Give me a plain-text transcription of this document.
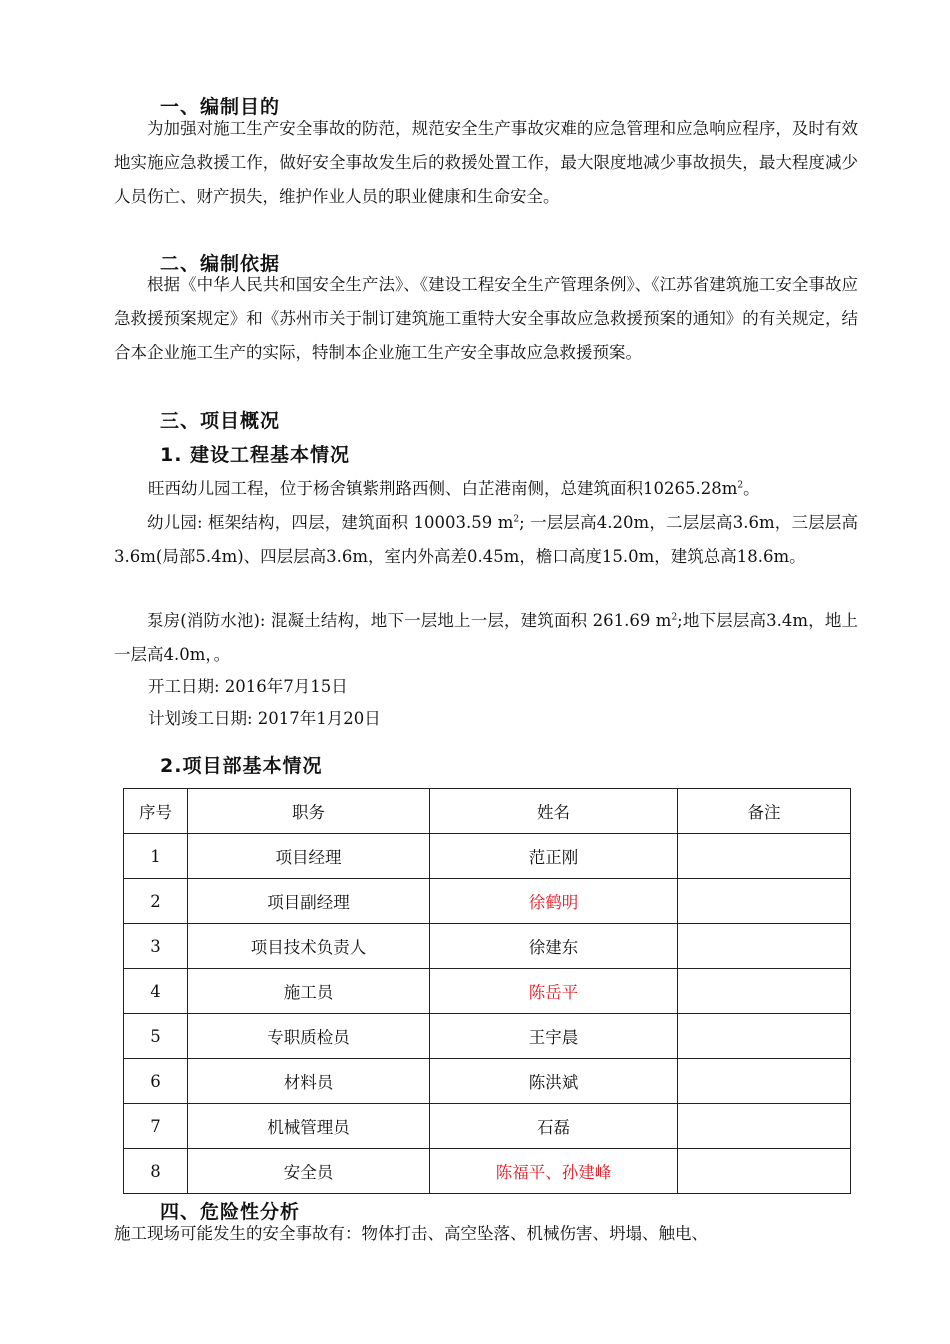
一、编制目的

为加强对施工生产安全事故的防范，规范安全生产事故灾难的应急管理和应急响应程序，及时有效地实施应急救援工作，做好安全事故发生后的救援处置工作，最大限度地减少事故损失，最大程度减少人员伤亡、财产损失，维护作业人员的职业健康和生命安全。

二、编制依据

根据《中华人民共和国安全生产法》、《建设工程安全生产管理条例》、《江苏省建筑施工安全事故应急救援预案规定》和《苏州市关于制订建筑施工重特大安全事故应急救援预案的通知》的有关规定，结合本企业施工生产的实际，特制本企业施工生产安全事故应急救援预案。

三、项目概况
1. 建设工程基本情况

旺西幼儿园工程，位于杨舍镇紫荆路西侧、白芷港南侧，总建筑面积$10265.28m^2$。

幼儿园: 框架结构，四层，建筑面积 10003.59 $m^2$; 一层层高4.20m，二层层高3.6m，三层层高3.6m(局部5.4m)、四层层高3.6m，室内外高差0.45m，檐口高度15.0m，建筑总高18.6m。

泵房(消防水池): 混凝土结构，地下一层地上一层，建筑面积 261.69 $m^2$;地下层层高3.4m，地上一层高4.0m，。

开工日期: 2016年7月15日

计划竣工日期: 2017年1月20日

2.项目部基本情况
序号	职务	姓名	备注
1	项目经理	范正刚	
2	项目副经理	徐鹤明	
3	项目技术负责人	徐建东	
4	施工员	陈岳平	
5	专职质检员	王宇晨	
6	材料员	陈洪斌	
7	机械管理员	石磊	
8	安全员	陈福平、孙建峰	
四、危险性分析

施工现场可能发生的安全事故有：物体打击、高空坠落、机械伤害、坍塌、触电、
